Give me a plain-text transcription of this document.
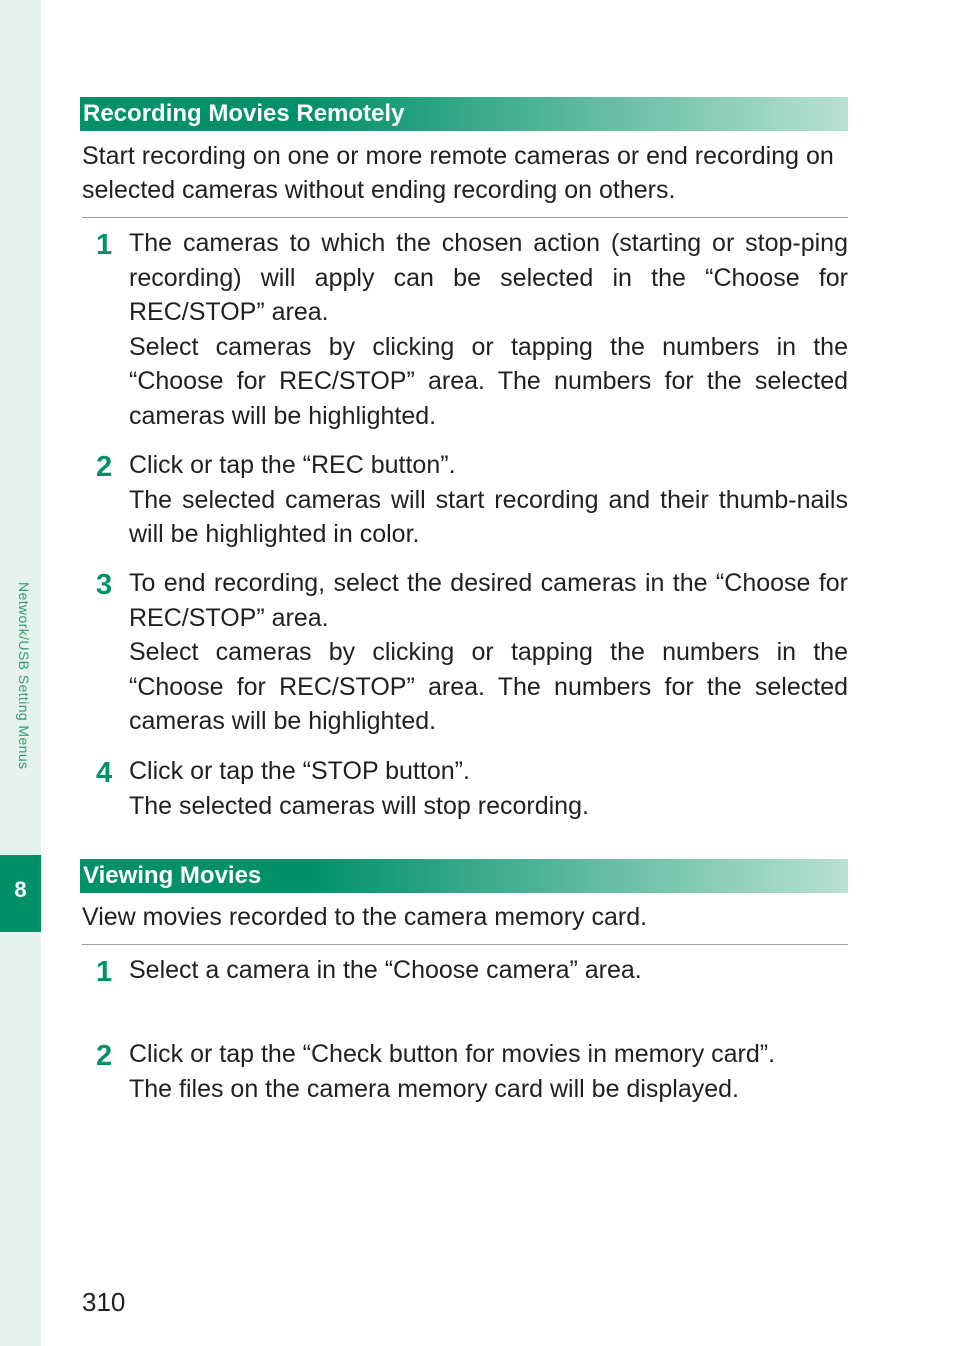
Network/USB Setting Menus
8
Recording Movies Remotely
Start recording on one or more remote cameras or end recording on selected cameras without ending recording on others.
1 The cameras to which the chosen action (starting or stop-ping recording) will apply can be selected in the “Choose for REC/STOP” area.

Select cameras by clicking or tapping the numbers in the “Choose for REC/STOP” area. The numbers for the selected cameras will be highlighted.

2 Click or tap the “REC button”.

The selected cameras will start recording and their thumb-nails will be highlighted in color.

3 To end recording, select the desired cameras in the “Choose for REC/STOP” area.

Select cameras by clicking or tapping the numbers in the “Choose for REC/STOP” area. The numbers for the selected cameras will be highlighted.

4 Click or tap the “STOP button”.

The selected cameras will stop recording.

Viewing Movies
View movies recorded to the camera memory card.
1 Select a camera in the “Choose camera” area.

2 Click or tap the “Check button for movies in memory card”.

The files on the camera memory card will be displayed.

310
